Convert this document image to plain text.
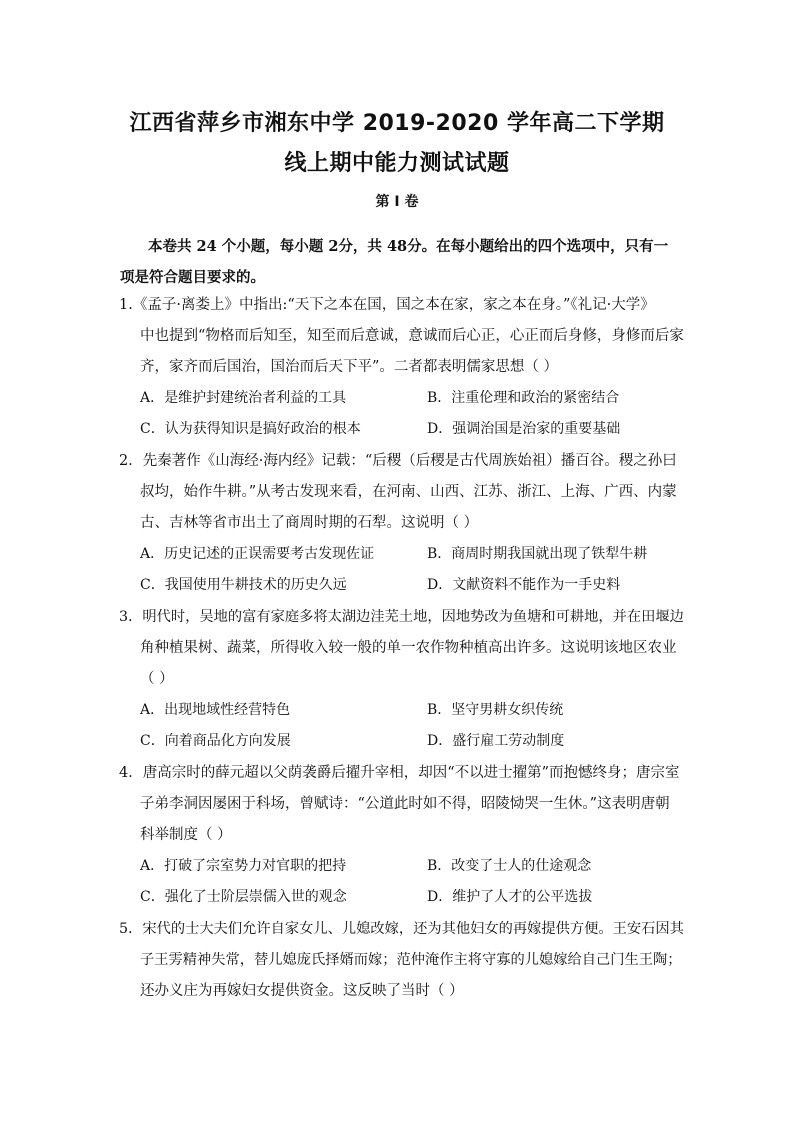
江西省萍乡市湘东中学 2019-2020 学年高二下学期
线上期中能力测试试题
第 Ⅰ 卷
本卷共 24 个小题，每小题 2分，共 48分。在每小题给出的四个选项中，只有一项是符合题目要求的。
1.《孟子·离娄上》中指出:“天下之本在国，国之本在家，家之本在身。”《礼记·大学》
中也提到“物格而后知至，知至而后意诚，意诚而后心正，心正而后身修，身修而后家
齐，家齐而后国治，国治而后天下平”。二者都表明儒家思想（ ）
A．是维护封建统治者利益的工具	B．注重伦理和政治的紧密结合
C．认为获得知识是搞好政治的根本	D．强调治国是治家的重要基础
2．先秦著作《山海经·海内经》记载：“后稷（后稷是古代周族始祖）播百谷。稷之孙曰
叔均，始作牛耕。”从考古发现来看，在河南、山西、江苏、浙江、上海、广西、内蒙
古、吉林等省市出土了商周时期的石犁。这说明（ ）
A．历史记述的正误需要考古发现佐证	B．商周时期我国就出现了铁犁牛耕
C．我国使用牛耕技术的历史久远	D．文献资料不能作为一手史料
3．明代时，吴地的富有家庭多将太湖边洼芜土地，因地势改为鱼塘和可耕地，并在田堰边
角种植果树、蔬菜，所得收入较一般的单一农作物种植高出许多。这说明该地区农业
（ ）
A．出现地域性经营特色	B．坚守男耕女织传统
C．向着商品化方向发展	D．盛行雇工劳动制度
4．唐高宗时的薛元超以父荫袭爵后擢升宰相，却因“不以进士擢第”而抱憾终身；唐宗室
子弟李洞因屡困于科场，曾赋诗：“公道此时如不得，昭陵恸哭一生休。”这表明唐朝
科举制度（ ）
A．打破了宗室势力对官职的把持	B．改变了士人的仕途观念
C．强化了士阶层崇儒入世的观念	D．维护了人才的公平选拔
5．宋代的士大夫们允许自家女儿、儿媳改嫁，还为其他妇女的再嫁提供方便。王安石因其
子王雱精神失常，替儿媳庞氏择婿而嫁；范仲淹作主将守寡的儿媳嫁给自己门生王陶；
还办义庄为再嫁妇女提供资金。这反映了当时（ ）
